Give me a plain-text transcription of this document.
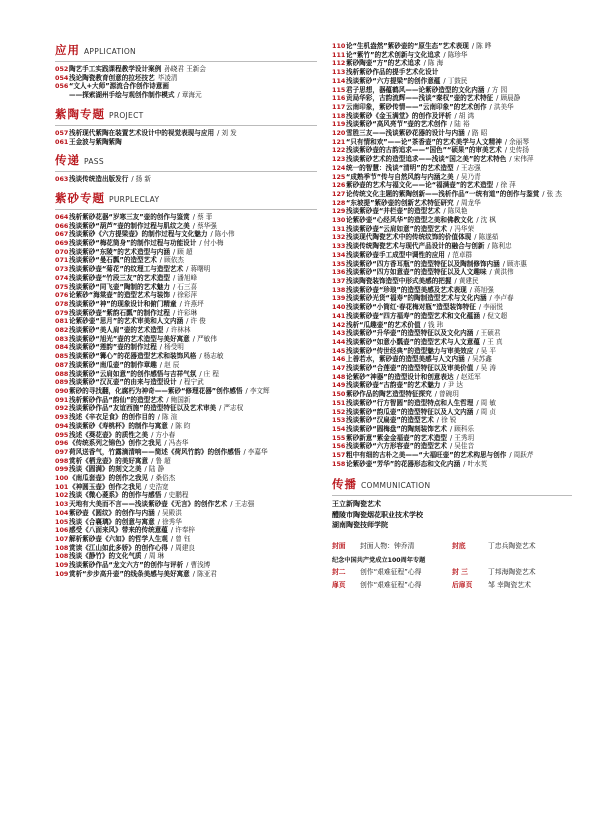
应用 APPLICATION
052 陶艺手工实践课程教学设计案例 孙晓君 王新会
054 浅论陶瓷教育创意的拉坯技艺 毕凌清
056 “文人+大师”源流合作创作诗意画
——探索湖州手绘与观创作制作模式 / 章海元
紫陶专题 PROJECT
057 浅析现代紫陶在装置艺术设计中的视觉表现与应用 / 刘 发
061 王金波与紫陶紫陶
传递 PASS
063 浅谈传统造出版发行 / 扬 新
紫砂专题 PURPLECLAY
064 浅析紫砂花器“岁寒三友”壶的创作与鉴赏 / 蔡 菲
066 浅谈紫砂“葫芦”壶的制作过程与肌纹之美 / 蔡华强
067 浅谈紫砂《六方提梁壶》的制作过程与文化魅力 / 陈小伟
069 浅谈紫砂“梅花筒身”的制作过程与功能设计 / 付小梅
070 浅谈紫砂“东陵”的艺术造型与内涵 / 顾 超
071 浅谈紫砂“曼石瓢”的造型艺术 / 顾依杰
073 浅谈紫砂壶“菊花”的纹理工与造型艺术 / 蒋曙明
074 浅谈紫砂壶“竹段三友”的艺术造型 / 潘旭峰
075 浅谈紫砂“同飞壶”陶制的艺术魅力 / 石三喜
076 论紫砂“海棠壶”的造型艺术与装饰 / 徐彩萍
078 浅谈紫砂“神”的现象设计和俯门精童 / 许燕坪
079 浅谈紫砂壶“紫韵石瓢”的制作过程 / 许彩琳
081 论紫砂壶“思月”的艺术审美和人文内涵 / 许 俊
082 浅谈紫砂“美人肩”壶的艺术造型 / 许林林
083 浅谈紫砂“旭光”壶的艺术造型与美好寓意 / 严敏伟
084 浅谈紫砂“莲韵”壶的制作过程 / 杨受明
085 浅谈紫砂“篝心”的花器造型艺术和装饰风格 / 杨志敏
087 浅谈紫砂“南瓜壶”的制作章趣 / 赵 辰
088 浅谈紫砂“云肩如意”的创作感悟与吉祥气氛 / 庄 程
089 浅谈紫砂“汉瓦壶”的由来与造型设计 / 程宁武
090 紫砂的寻找翻，化腐朽为神奇——紫砂“修理花器”创作感悟 / 李文辉
091 浅析紫砂作品“韵仙”的造型艺术 / 鲍国新
092 浅谈紫砂作品“友谊西施”的造型特征以及艺术审美 / 严志权
093 浅述《辛衣足食》的创作目的 / 陈 渲
094 浅谈紫砂《寿桃杯》的制作与寓意 / 陈 昀
095 浅述《葵花壶》的质性之美 / 方小春
096 《传统系列之锦色》创作之我见 / 冯杏华
097 荷风送香气，竹露滴清响——简述《荷风竹韵》的创作感悟 / 李嘉华
098 赏析《栖龙壶》的美好寓意 / 鲁 超
099 浅谈《圆满》的刻文之美 / 陆 静
100 《南瓜套壶》的创作之我见 / 桑俗杰
101 《神圆玉壶》创作之我见 / 史浩宽
102 浅谈《微心菱系》的创作与感悟 / 史鹏程
103 天地有大美而不言——浅谈紫砂壶《无言》的创作艺术 / 王志强
104 紫砂壶《圆纹》的创作与内涵 / 吴殿洪
105 浅谈《合襄璃》的创意与寓意 / 徐秀华
106 感受《八面来风》带来的传统意蕴 / 许奉梓
107 解析紫砂壶《六如》的哲学人生观 / 曾 钰
108 赏读《江山如此多娇》的创作心得 / 周建良
108 浅谈《静竹》的文化气质 / 周 琳
109 浅谈紫砂作品“龙文六方”的创作与评析 / 曹浅博
109 赏析“步步高升壶”的线条美感与美好寓意 / 陈亚君
110 论“生机盎然”紫砂壶的“原生态”艺术表现 / 陈 晔
111 论“紫竹”的艺术创新与文化追求 / 陈珍华
112 紫砂陶壶“方”的艺术追求 / 陈 海
113 浅析紫砂作品的提手艺术化设计
114 浅谈紫砂“六方提梁”的创作意蕴 / 丁鼓民
115 君子思想，器蕴鹤风——论紫砂造型的文化内涵 / 方 园
116 贡局华彩，古韵流辉——浅谈“秦权”壶的艺术特征 / 顾晨静
117 云南印象，紫砂传情——“云南印象”的艺术创作 / 洪美华
118 浅谈紫砂《金玉满堂》的创作及评析 / 胡 鸿
119 浅谈紫砂“高风亮节”壶的艺术创作 / 陆 裕
120 雪胜三友——浅谈紫砂花器的设计与内涵 / 路 昭
121 “只有情和欢”——论“茶香壶”的艺术美学与人文精神 / 余丽琴
122 浅谈紫砂壶的古韵追求——“国色”“硕果”的审美艺术 / 史传扬
123 浅谈紫砂艺术的造型追求——浅谈“国之美”的艺术特色 / 宋伟萍
124 统一的智慧：浅谈“清明”的艺术造型 / 王志强
125 “成熟季节”传与自然风韵与内涵之美 / 吴乃青
126 紫砂壶的艺术与福文化——论“福满壶”的艺术造型 / 徐 萍
127 论传统文化主题的紫陶创新——浅析作品“一统有道”的创作与鉴赏 / 张 杰
128 “东坡提”紫砂壶的创新艺术特征研究 / 周龙华
129 浅谈紫砂壶“井栏壶”的造型艺术 / 陈凤艳
130 论紫砂壶“心经风华”的造型之美和佛教文化 / 沈 枫
131 浅谈紫砂壶“云肩如意”的造型艺术 / 冯华荣
132 浅谈现代陶瓷艺术中的传统纹饰的价值体现 / 陈遂茹
133 浅谈传统陶瓷艺术与现代产品设计的融合与创新 / 陈利忠
134 浅谈紫砂壶手工成型中调性的应用 / 范卓群
135 浅谈紫砂“四方香耳瓶”的造型特征以及陶制修饰内涵 / 顾亦惠
136 浅谈紫砂“四方如意壶”的造型特征以及人文趣味 / 黄洪伟
137 浅谈陶瓷装饰造型中形式美感的把握 / 黄建民
138 浅谈紫砂壶“珍琅”的造型美感及艺术表现 / 蒋旭强
139 浅谈紫砂光货“福寿”的陶制造型艺术与文化内涵 / 李卢春
140 浅谈紫砂“小筒红·春花梅对瓶”造型装饰特征 / 李丽悦
141 浅谈紫砂壶“四方福寿”的造型艺术和文化蕴涵 / 倪文超
142 浅析“瓜趣壶”的艺术价值 / 钱 玮
143 浅谈紫砂“升华壶”的造型特征以及文化内涵 / 王硕君
144 浅谈紫砂“如意小瓢壶”的造型艺术与人文意蕴 / 王 真
145 浅谈紫砂“传世经典”的造型魅力与审美效应 / 吴 平
146 上善若水，紫砂壶的造型美感与人文内涵 / 吴苏鑫
147 浅谈紫砂“合莲壶”的造型特征以及审美价值 / 吴 涛
148 论紫砂“神器”的造型设计和创意表达 / 赵廷军
149 浅谈紫砂壶“古韵壶”的艺术魅力 / 尹 达
150 紫砂作品的陶艺造型特征探究 / 曾碗玥
151 浅谈紫砂“行方智圆”的造型特点和人生哲理 / 周 敏
152 浅谈紫砂“韵瓜壶”的造型特征以及人文内涵 / 周 贞
153 浅谈紫砂“汉扁壶”的造型艺术 / 徐 锐
154 浅谈紫砂“圆梅盘”的陶刻装饰艺术 / 顾科乐
155 紫砂新意“紫金金福壶”的艺术造型 / 王秀玥
156 浅谈紫砂“六方形容壶”的造型艺术 / 吴佳音
157 粗中有细的古朴之美——“大福旺壶”的艺术构思与创作 / 周跃芹
158 论紫砂壶“芳华”的花器形态和文化内涵 / 叶水英
传播 COMMUNICATION
王立新陶瓷艺术
醴陵市陶瓷烟花职业技术学校
湖南陶瓷技师学院
封面	封面人物：钟乔清	封底	丁忠兵陶瓷艺术
纪念中国共产党成立100周年专题
封二	创作“艰难征程”心得	封 三	丁邦海陶瓷艺术
扉页	创作“艰难征程”心得	后扉页	邹 幸陶瓷艺术
